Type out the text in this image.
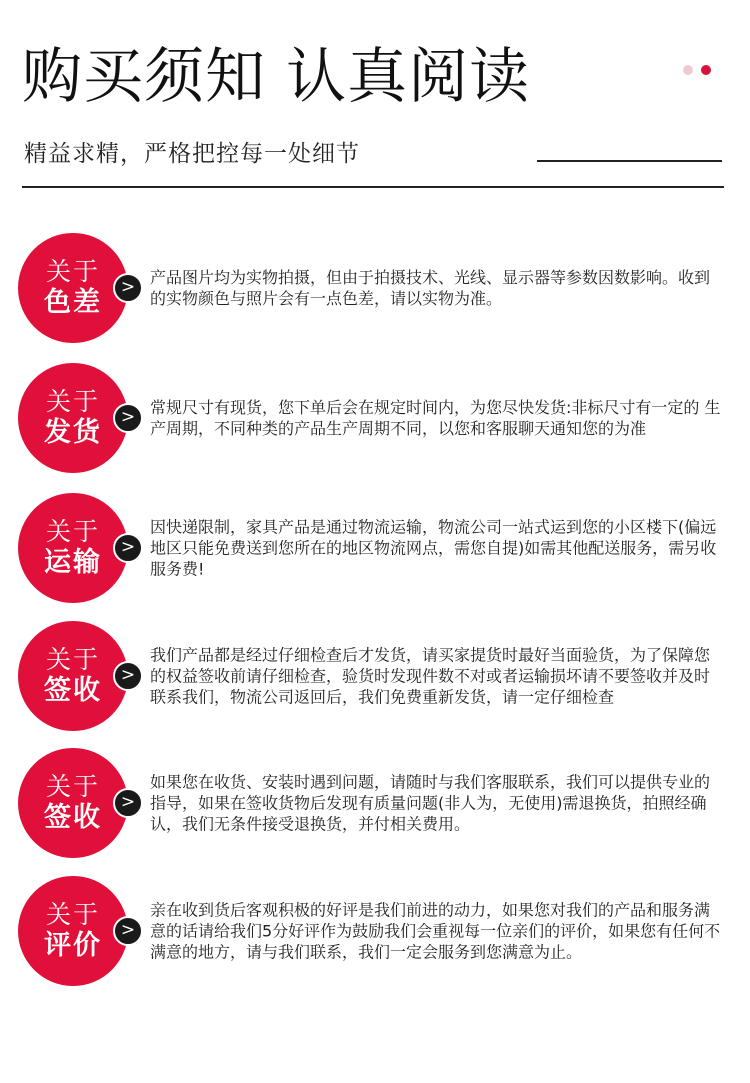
购买须知 认真阅读
精益求精，严格把控每一处细节
关于
色差	> 产品图片均为实物拍摄，但由于拍摄技术、光线、显示器等参数因数影响。收到的实物颜色与照片会有一点色差，请以实物为准。
关于
发货	> 常规尺寸有现货，您下单后会在规定时间内，为您尽快发货:非标尺寸有一定的 生产周期，不同种类的产品生产周期不同，以您和客服聊天通知您的为准
关于
运输	>
因快递限制，家具产品是通过物流运输，物流公司一站式运到您的小区楼下(偏远地区只能免费送到您所在的地区物流网点，需您自提)如需其他配送服务，需另收服务费!
关于
签收	>
我们产品都是经过仔细检查后才发货，请买家提货时最好当面验货，为了保障您的权益签收前请仔细检查，验货时发现件数不对或者运输损坏请不要签收并及时联系我们，物流公司返回后，我们免费重新发货，请一定仔细检查
关于
签收	>
如果您在收货、安装时遇到问题，请随时与我们客服联系，我们可以提供专业的指导，如果在签收货物后发现有质量问题(非人为，无使用)需退换货，拍照经确认，我们无条件接受退换货，并付相关费用。
关于
评价	>
亲在收到货后客观积极的好评是我们前进的动力，如果您对我们的产品和服务满意的话请给我们5分好评作为鼓励我们会重视每一位亲们的评价，如果您有任何不满意的地方，请与我们联系，我们一定会服务到您满意为止。
